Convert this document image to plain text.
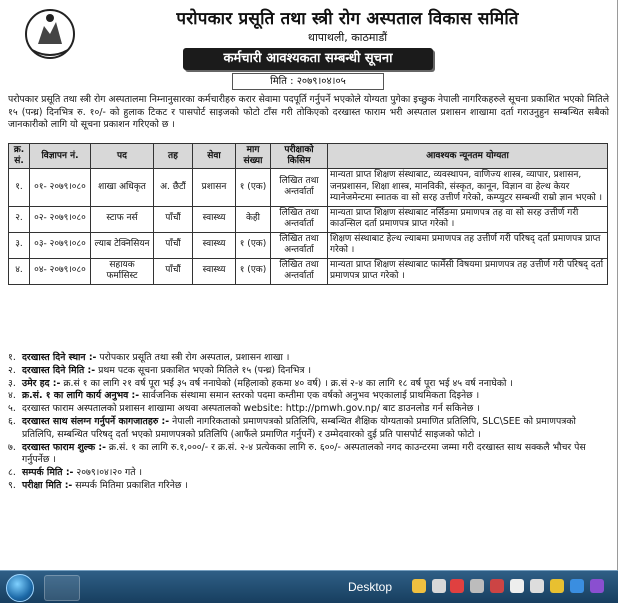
परोपकार प्रसूति तथा स्त्री रोग अस्पताल विकास समिति
थापाथली, काठमाडौं
कर्मचारी आवश्यकता सम्बन्धी सूचना
मिति : २०७९।०४।०५
परोपकार प्रसूति तथा स्त्री रोग अस्पतालमा निम्नानुसारका कर्मचारीहरु करार सेवामा पदपूर्ति गर्नुपर्ने भएकोले योग्यता पुगेका इच्छुक नेपाली नागरिकहरुले सूचना प्रकाशित भएको मितिले १५ (पन्ध्र) दिनभित्र रु. १०/- को हुलाक टिकट र पासपोर्ट साइजको फोटो टाँस गरी तोकिएको दरखास्त फाराम भरी अस्पताल प्रशासन शाखामा दर्ता गराउनुहुन सम्बन्धित सबैको जानकारीको लागि यो सूचना प्रकाशन गरिएको छ ।
क्र. सं.	विज्ञापन नं.	पद	तह	सेवा	माग संख्या	परीक्षाको किसिम	आवश्यक न्यूनतम योग्यता
१.	०१- २०७९।०८०	शाखा अधिकृत	अ. छैटौं	प्रशासन	१ (एक)	लिखित तथा अन्तर्वार्ता	मान्यता प्राप्त शिक्षण संस्थाबाट, व्यवस्थापन, वाणिज्य शास्त्र, व्यापार, प्रशासन, जनप्रशासन, शिक्षा शास्त्र, मानविकी, संस्कृत, कानून, विज्ञान वा हेल्थ केयर म्यानेजमेन्टमा स्नातक वा सो सरह उत्तीर्ण गरेको, कम्प्युटर सम्बन्धी राम्रो ज्ञान भएको ।
२.	०२- २०७९।०८०	स्टाफ नर्स	पाँचौं	स्वास्थ्य	केही	लिखित तथा अन्तर्वार्ता	मान्यता प्राप्त शिक्षण संस्थाबाट नर्सिङमा प्रमाणपत्र तह वा सो सरह उत्तीर्ण गरी काउन्सिल दर्ता प्रमाणपत्र प्राप्त गरेको ।
३.	०३- २०७९।०८०	ल्याब टेक्निसियन	पाँचौं	स्वास्थ्य	१ (एक)	लिखित तथा अन्तर्वार्ता	शिक्षण संस्थाबाट हेल्थ ल्याबमा प्रमाणपत्र तह उत्तीर्ण गरी परिषद् दर्ता प्रमाणपत्र प्राप्त गरेको ।
४.	०४- २०७९।०८०	सहायक फर्मासिस्ट	पाँचौं	स्वास्थ्य	१ (एक)	लिखित तथा अन्तर्वार्ता	मान्यता प्राप्त शिक्षण संस्थाबाट फार्मेसी विषयमा प्रमाणपत्र तह उत्तीर्ण गरी परिषद् दर्ता प्रमाणपत्र प्राप्त गरेको ।
१. दरखास्त दिने स्थान :- परोपकार प्रसूति तथा स्त्री रोग अस्पताल, प्रशासन शाखा ।
२. दरखास्त दिने मिति :- प्रथम पटक सूचना प्रकाशित भएको मितिले १५ (पन्ध्र) दिनभित्र ।
३. उमेर हद :- क्र.सं १ का लागि २१ वर्ष पूरा भई ३५ वर्ष ननाघेको (महिलाको हकमा ४० वर्ष) । क्र.सं २-४ का लागि १८ वर्ष पूरा भई ४५ वर्ष ननाघेको ।
४. क्र.सं. १ का लागि कार्य अनुभव :- सार्वजनिक संस्थामा समान स्तरको पदमा कम्तीमा एक वर्षको अनुभव भएकालाई प्राथमिकता दिइनेछ ।
५. दरखास्त फाराम अस्पतालको प्रशासन शाखामा अथवा अस्पतालको website: http://pmwh.gov.np/ बाट डाउनलोड गर्न सकिनेछ ।
६. दरखास्त साथ संलग्न गर्नुपर्ने कागजातहरु :- नेपाली नागरिकताको प्रमाणपत्रको प्रतिलिपि, सम्बन्धित शैक्षिक योग्यताको प्रमाणित प्रतिलिपि, SLC\SEE को प्रमाणपत्रको प्रतिलिपि, सम्बन्धित परिषद् दर्ता भएको प्रमाणपत्रको प्रतिलिपि (आफैंले प्रमाणित गर्नुपर्ने) र उम्मेदवारको दुई प्रति पासपोर्ट साइजको फोटो ।
७. दरखास्त फाराम शुल्क :- क्र.सं. १ का लागि रु.१,०००/- र क्र.सं. २-४ प्रत्येकका लागि रु. ६००/- अस्पतालको नगद काउन्टरमा जम्मा गरी दरखास्त साथ सक्कलै भौचर पेस गर्नुपर्नेछ ।
८. सम्पर्क मिति :- २०७९।०४।२० गते ।
९. परीक्षा मिति :- सम्पर्क मितिमा प्रकाशित गरिनेछ ।
Desktop
